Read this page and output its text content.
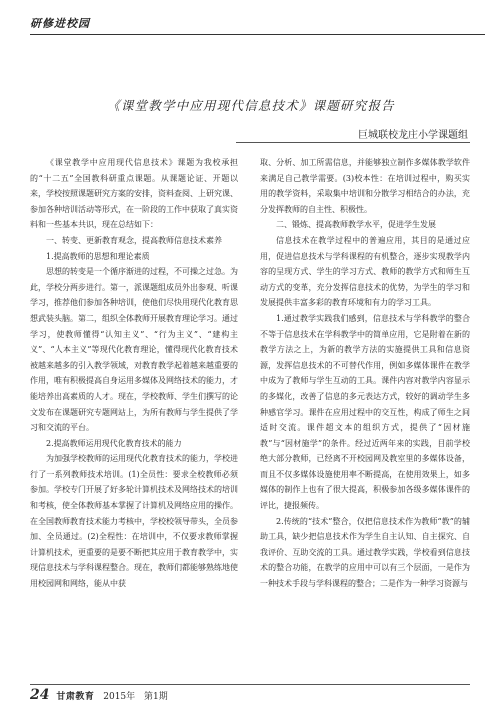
研修进校园
《课堂教学中应用现代信息技术》课题研究报告
巨城联校龙庄小学课题组

《课堂教学中应用现代信息技术》课题为我校承担的“十二五”全国教科研重点课题。从课题论证、开题以来，学校按照课题研究方案的安排，资料查阅、上研究课、参加各种培训活动等形式，在一阶段的工作中获取了真实资料和一些基本共识，现在总结如下：

一、转变、更新教育观念，提高教师信息技术素养

1.提高教师的思想和理论素质

思想的转变是一个循序渐进的过程，不可操之过急。为此，学校分两步进行。第一，派课题组成员外出参观、听课学习，推荐他们参加各种培训，使他们尽快用现代化教育思想武装头脑。第二，组织全体教师开展教育理论学习。通过学习，使教师懂得“认知主义”、“行为主义”、“建构主义”、“人本主义”等现代化教育理论，懂得现代化教育技术被越来越多的引入教学领域，对教育教学起着越来越重要的作用，唯有积极提高自身运用多媒体及网络技术的能力，才能培养出高素质的人才。现在，学校教师、学生们撰写的论文发布在课题研究专题网站上，为所有教师与学生提供了学习和交流的平台。

2.提高教师运用现代化教育技术的能力

为加强学校教师的运用现代化教育技术的能力，学校进行了一系列教师技术培训。(1)全员性：要求全校教师必须参加。学校专门开展了好多轮计算机技术及网络技术的培训和考核，使全体教师基本掌握了计算机及网络应用的操作。在全国教师教育技术能力考核中，学校校领导带头，全员参加、全员通过。(2)全程性：在培训中，不仅要求教师掌握计算机技术，更重要的是要不断把其应用于教育教学中，实现信息技术与学科课程整合。现在，教师们都能够熟练地使用校园网和网络，能从中获

取、分析、加工所需信息，并能够独立制作多媒体教学软件来满足自己教学需要。(3)校本性：在培训过程中，购买实用的教学资料，采取集中培训和分散学习相结合的办法，充分发挥教师的自主性、积极性。

二、锻炼、提高教师教学水平，促进学生发展

信息技术在教学过程中的普遍应用，其目的是通过应用，促进信息技术与学科课程的有机整合，逐步实现教学内容的呈现方式、学生的学习方式、教师的教学方式和师生互动方式的变革，充分发挥信息技术的优势，为学生的学习和发展提供丰富多彩的教育环境和有力的学习工具。

1.通过教学实践我们感到，信息技术与学科教学的整合不等于信息技术在学科教学中的简单应用，它是附着在新的教学方法之上，为新的教学方法的实施提供工具和信息资源，发挥信息技术的不可替代作用，例如多媒体课件在教学中成为了教师与学生互动的工具。课件内容对教学内容显示的多媒化，改善了信息的多元表达方式，较好的调动学生多种感官学习。课件在应用过程中的交互性，构成了师生之间适时交流。课件超文本的组织方式，提供了“因材施教”与“因材施学”的条件。经过近两年来的实践，目前学校绝大部分教师，已经离不开校园网及教室里的多媒体设备，而且不仅多媒体设施使用率不断提高，在使用效果上，如多媒体的制作上也有了很大提高，积极参加各级多媒体课件的评比，捷报频传。

2.传统的“技术”整合，仅把信息技术作为教师“教”的辅助工具，缺少把信息技术作为学生自主认知、自主探究、自我评价、互助交流的工具。通过教学实践，学校看到信息技术的整合功能，在教学的应用中可以有三个层面，一是作为一种技术手段与学科课程的整合；二是作为一种学习资源与

24 甘肃教育 2015年 第1期
